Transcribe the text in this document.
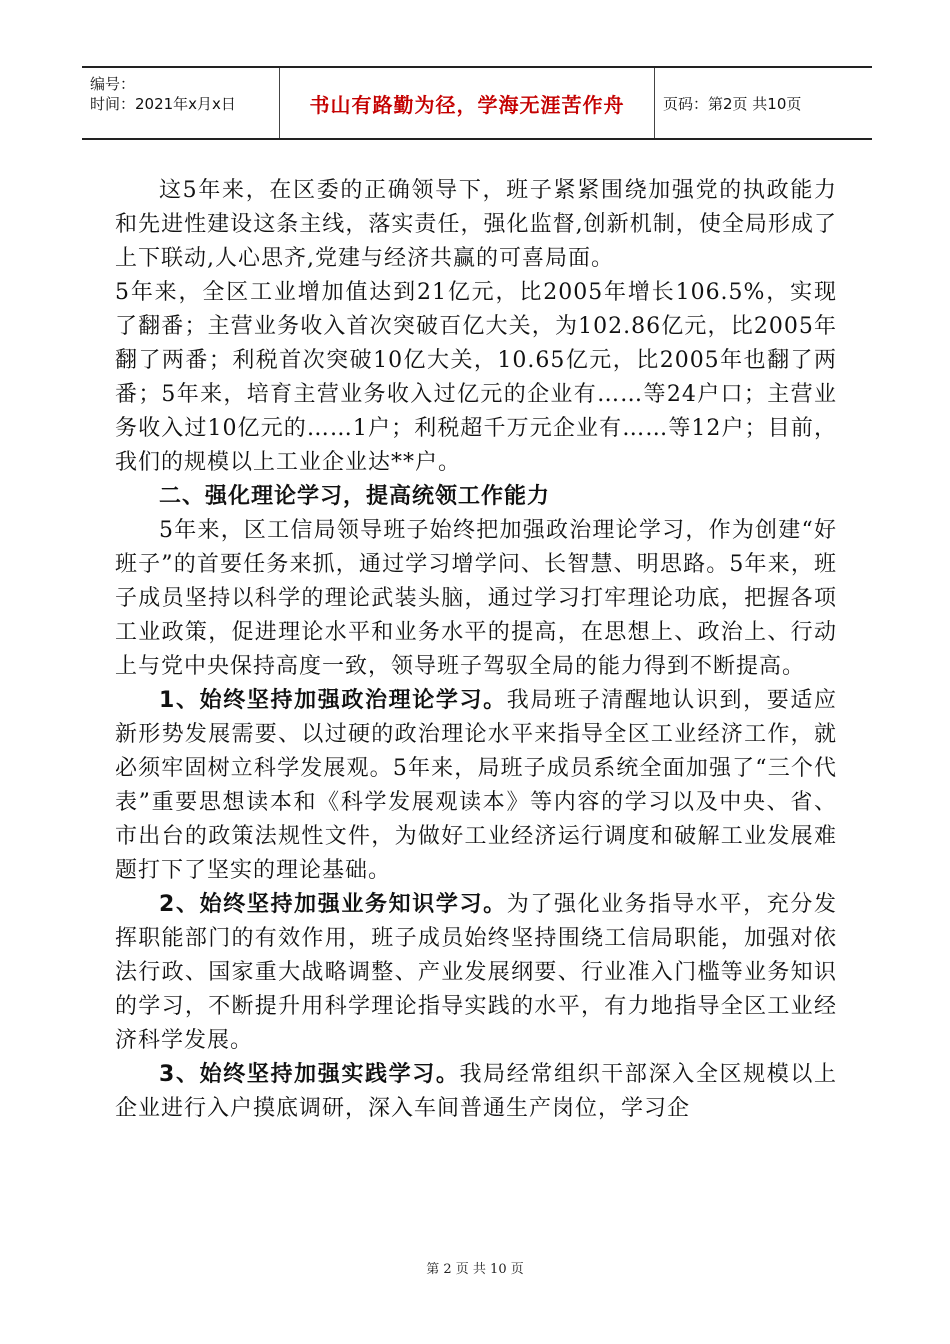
编号：
时间：2021年x月x日	书山有路勤为径，学海无涯苦作舟	页码：第2页 共10页

这5年来，在区委的正确领导下，班子紧紧围绕加强党的执政能力和先进性建设这条主线，落实责任，强化监督,创新机制，使全局形成了上下联动,人心思齐,党建与经济共赢的可喜局面。

5年来，全区工业增加值达到21亿元，比2005年增长106.5%，实现了翻番；主营业务收入首次突破百亿大关，为102.86亿元，比2005年翻了两番；利税首次突破10亿大关，10.65亿元，比2005年也翻了两番；5年来，培育主营业务收入过亿元的企业有……等24户口；主营业务收入过10亿元的……1户；利税超千万元企业有……等12户；目前，我们的规模以上工业企业达**户。

二、强化理论学习，提高统领工作能力

5年来，区工信局领导班子始终把加强政治理论学习，作为创建“好班子”的首要任务来抓，通过学习增学问、长智慧、明思路。5年来，班子成员坚持以科学的理论武装头脑，通过学习打牢理论功底，把握各项工业政策，促进理论水平和业务水平的提高，在思想上、政治上、行动上与党中央保持高度一致，领导班子驾驭全局的能力得到不断提高。

1、始终坚持加强政治理论学习。我局班子清醒地认识到，要适应新形势发展需要、以过硬的政治理论水平来指导全区工业经济工作，就必须牢固树立科学发展观。5年来，局班子成员系统全面加强了“三个代表”重要思想读本和《科学发展观读本》等内容的学习以及中央、省、市出台的政策法规性文件，为做好工业经济运行调度和破解工业发展难题打下了坚实的理论基础。

2、始终坚持加强业务知识学习。为了强化业务指导水平，充分发挥职能部门的有效作用，班子成员始终坚持围绕工信局职能，加强对依法行政、国家重大战略调整、产业发展纲要、行业准入门槛等业务知识的学习，不断提升用科学理论指导实践的水平，有力地指导全区工业经济科学发展。

3、始终坚持加强实践学习。我局经常组织干部深入全区规模以上企业进行入户摸底调研，深入车间普通生产岗位，学习企

第 2 页 共 10 页
